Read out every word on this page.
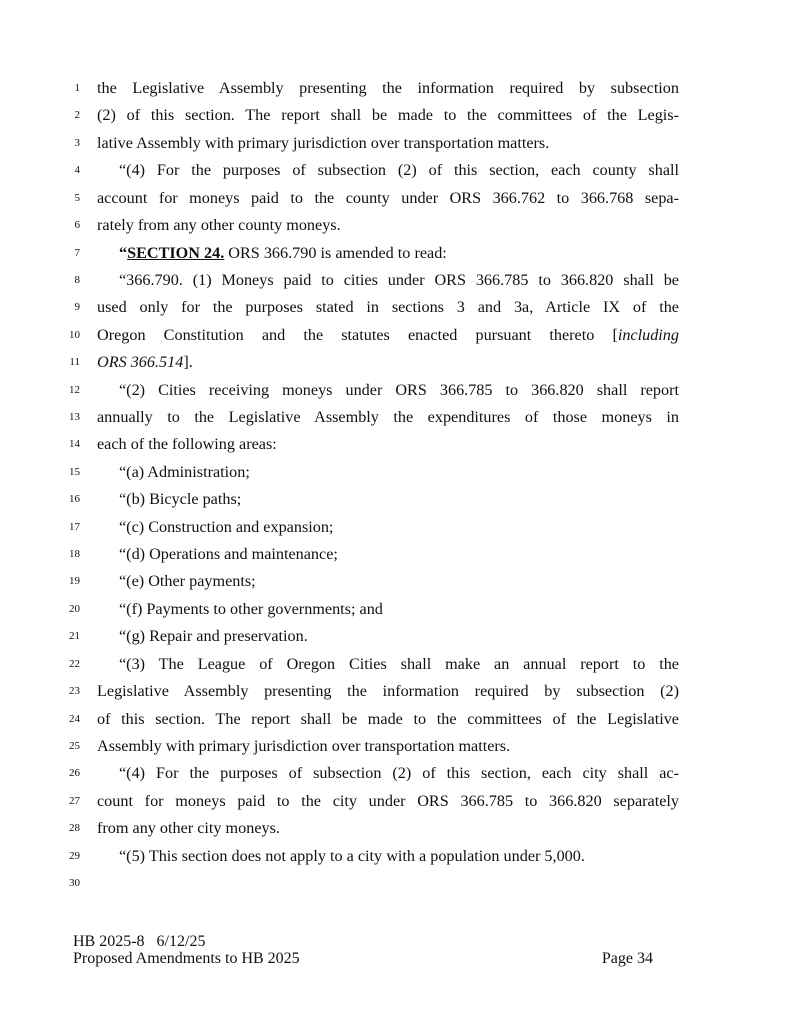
1 the Legislative Assembly presenting the information required by subsection
2 (2) of this section. The report shall be made to the committees of the Legis-
3 lative Assembly with primary jurisdiction over transportation matters.
4	“(4) For the purposes of subsection (2) of this section, each county shall
5 account for moneys paid to the county under ORS 366.762 to 366.768 sepa-
6 rately from any other county moneys.
7	“SECTION 24. ORS 366.790 is amended to read:
8	“366.790. (1) Moneys paid to cities under ORS 366.785 to 366.820 shall be
9 used only for the purposes stated in sections 3 and 3a, Article IX of the
10 Oregon Constitution and the statutes enacted pursuant thereto [including
11 ORS 366.514].
12	“(2) Cities receiving moneys under ORS 366.785 to 366.820 shall report
13 annually to the Legislative Assembly the expenditures of those moneys in
14 each of the following areas:
15	“(a) Administration;
16	“(b) Bicycle paths;
17	“(c) Construction and expansion;
18	“(d) Operations and maintenance;
19	“(e) Other payments;
20	“(f) Payments to other governments; and
21	“(g) Repair and preservation.
22	“(3) The League of Oregon Cities shall make an annual report to the
23 Legislative Assembly presenting the information required by subsection (2)
24 of this section. The report shall be made to the committees of the Legislative
25 Assembly with primary jurisdiction over transportation matters.
26	“(4) For the purposes of subsection (2) of this section, each city shall ac-
27 count for moneys paid to the city under ORS 366.785 to 366.820 separately
28 from any other city moneys.
29	“(5) This section does not apply to a city with a population under 5,000.
30
HB 2025-8   6/12/25
Proposed Amendments to HB 2025	Page 34
